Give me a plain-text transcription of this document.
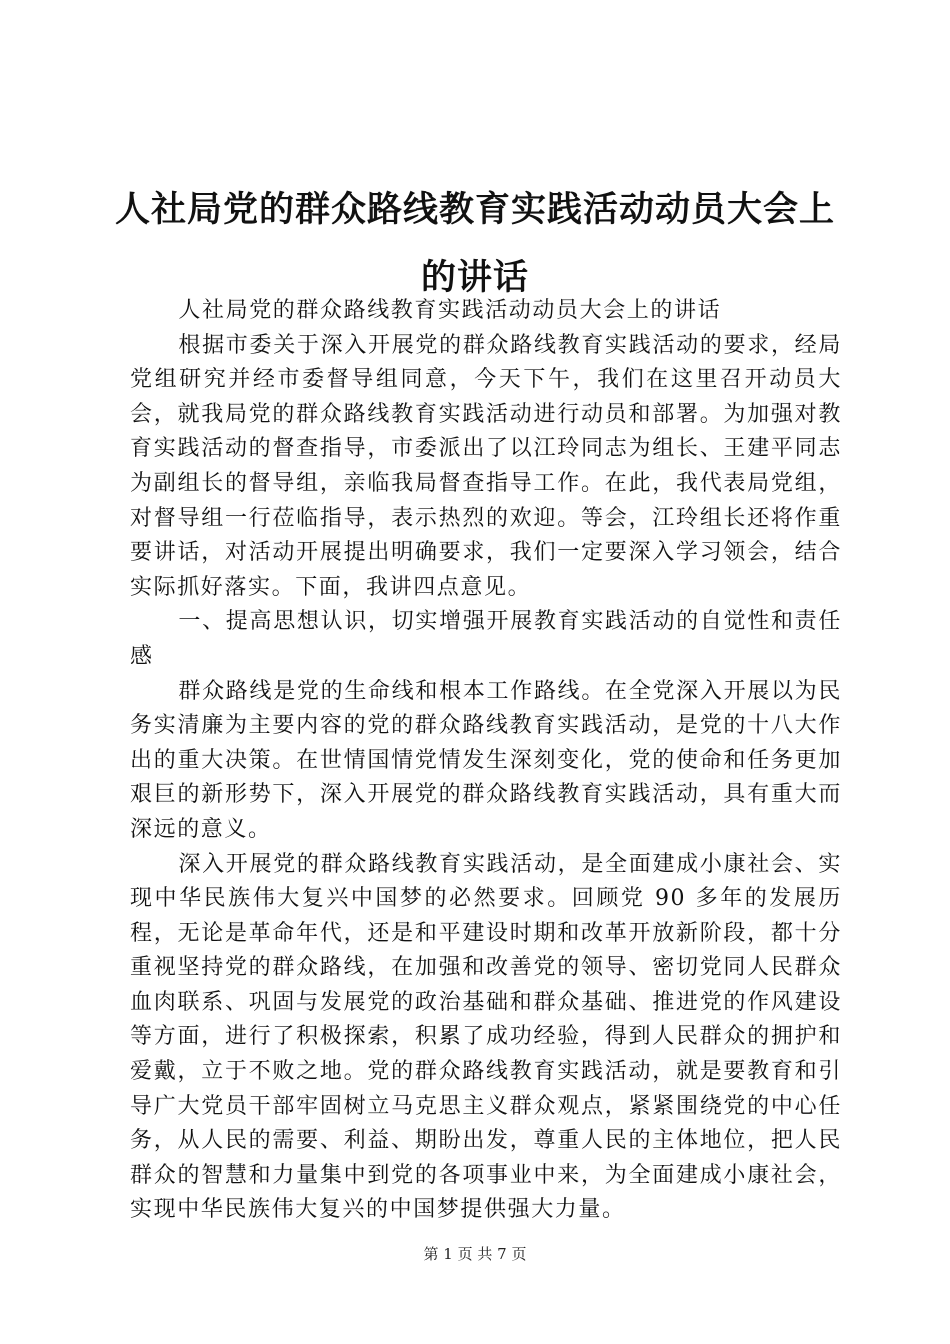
人社局党的群众路线教育实践活动动员大会上的讲话

人社局党的群众路线教育实践活动动员大会上的讲话

根据市委关于深入开展党的群众路线教育实践活动的要求，经局党组研究并经市委督导组同意，今天下午，我们在这里召开动员大会，就我局党的群众路线教育实践活动进行动员和部署。为加强对教育实践活动的督查指导，市委派出了以江玲同志为组长、王建平同志为副组长的督导组，亲临我局督查指导工作。在此，我代表局党组，对督导组一行莅临指导，表示热烈的欢迎。等会，江玲组长还将作重要讲话，对活动开展提出明确要求，我们一定要深入学习领会，结合实际抓好落实。下面，我讲四点意见。

一、提高思想认识，切实增强开展教育实践活动的自觉性和责任感

群众路线是党的生命线和根本工作路线。在全党深入开展以为民务实清廉为主要内容的党的群众路线教育实践活动，是党的十八大作出的重大决策。在世情国情党情发生深刻变化，党的使命和任务更加艰巨的新形势下，深入开展党的群众路线教育实践活动，具有重大而深远的意义。

深入开展党的群众路线教育实践活动，是全面建成小康社会、实现中华民族伟大复兴中国梦的必然要求。回顾党 90 多年的发展历程，无论是革命年代，还是和平建设时期和改革开放新阶段，都十分重视坚持党的群众路线，在加强和改善党的领导、密切党同人民群众血肉联系、巩固与发展党的政治基础和群众基础、推进党的作风建设等方面，进行了积极探索，积累了成功经验，得到人民群众的拥护和爱戴，立于不败之地。党的群众路线教育实践活动，就是要教育和引导广大党员干部牢固树立马克思主义群众观点，紧紧围绕党的中心任务，从人民的需要、利益、期盼出发，尊重人民的主体地位，把人民群众的智慧和力量集中到党的各项事业中来，为全面建成小康社会，实现中华民族伟大复兴的中国梦提供强大力量。

第 1 页 共 7 页
